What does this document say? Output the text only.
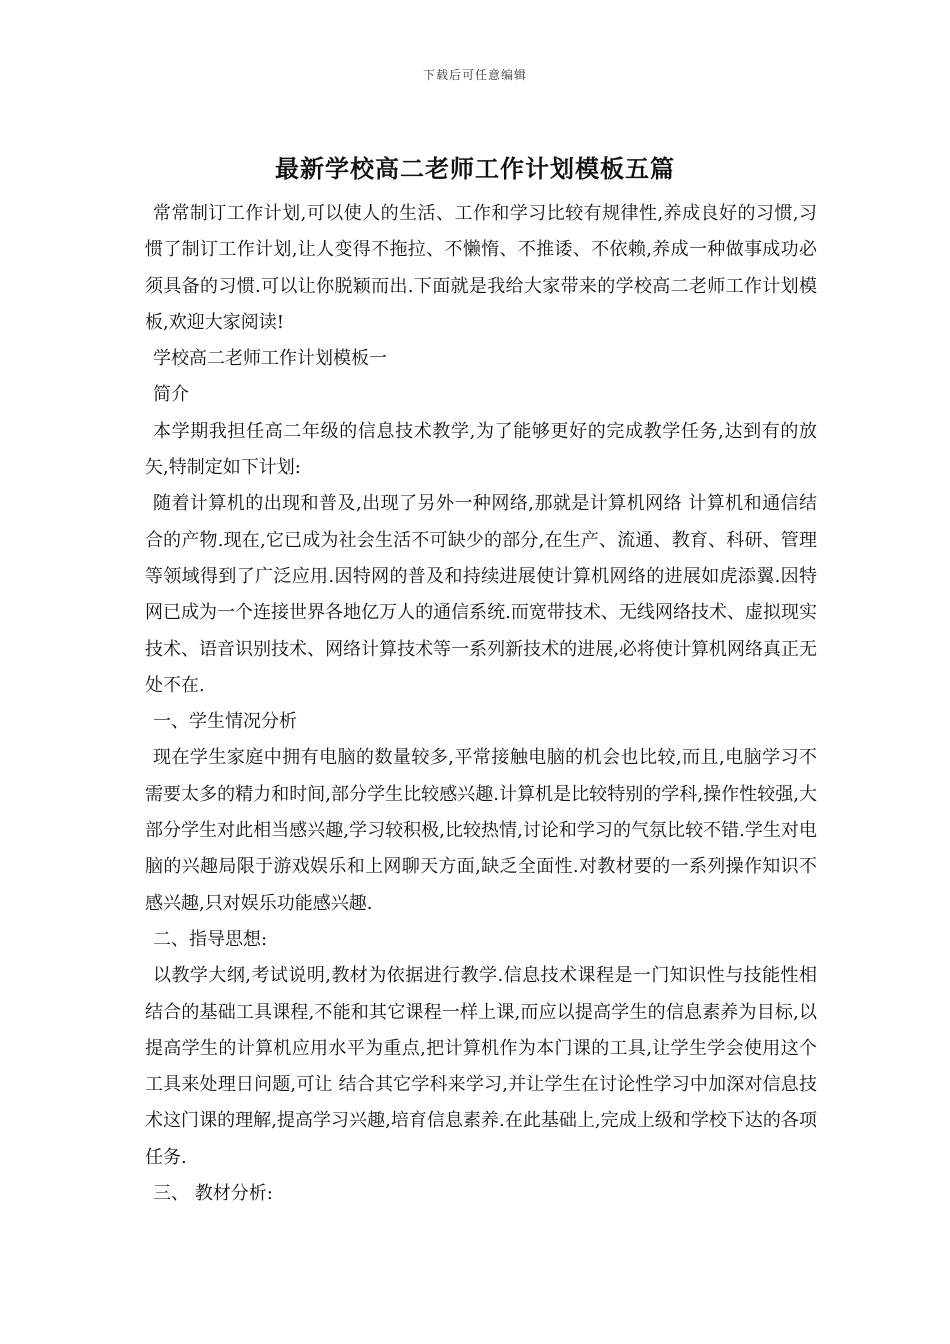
下载后可任意编辑
最新学校高二老师工作计划模板五篇

常常制订工作计划,可以使人的生活、工作和学习比较有规律性,养成良好的习惯,习惯了制订工作计划,让人变得不拖拉、不懒惰、不推诿、不依赖,养成一种做事成功必须具备的习惯.可以让你脱颖而出.下面就是我给大家带来的学校高二老师工作计划模板,欢迎大家阅读!

学校高二老师工作计划模板一

简介

本学期我担任高二年级的信息技术教学,为了能够更好的完成教学任务,达到有的放矢,特制定如下计划:

随着计算机的出现和普及,出现了另外一种网络,那就是计算机网络 计算机和通信结合的产物.现在,它已成为社会生活不可缺少的部分,在生产、流通、教育、科研、管理等领域得到了广泛应用.因特网的普及和持续进展使计算机网络的进展如虎添翼.因特网已成为一个连接世界各地亿万人的通信系统.而宽带技术、无线网络技术、虚拟现实技术、语音识别技术、网络计算技术等一系列新技术的进展,必将使计算机网络真正无处不在.

一、学生情况分析

现在学生家庭中拥有电脑的数量较多,平常接触电脑的机会也比较,而且,电脑学习不需要太多的精力和时间,部分学生比较感兴趣.计算机是比较特别的学科,操作性较强,大部分学生对此相当感兴趣,学习较积极,比较热情,讨论和学习的气氛比较不错.学生对电脑的兴趣局限于游戏娱乐和上网聊天方面,缺乏全面性.对教材要的一系列操作知识不感兴趣,只对娱乐功能感兴趣.

二、指导思想:

以教学大纲,考试说明,教材为依据进行教学.信息技术课程是一门知识性与技能性相结合的基础工具课程,不能和其它课程一样上课,而应以提高学生的信息素养为目标,以提高学生的计算机应用水平为重点,把计算机作为本门课的工具,让学生学会使用这个工具来处理日问题,可让 结合其它学科来学习,并让学生在讨论性学习中加深对信息技术这门课的理解,提高学习兴趣,培育信息素养.在此基础上,完成上级和学校下达的各项任务.

三、 教材分析:
